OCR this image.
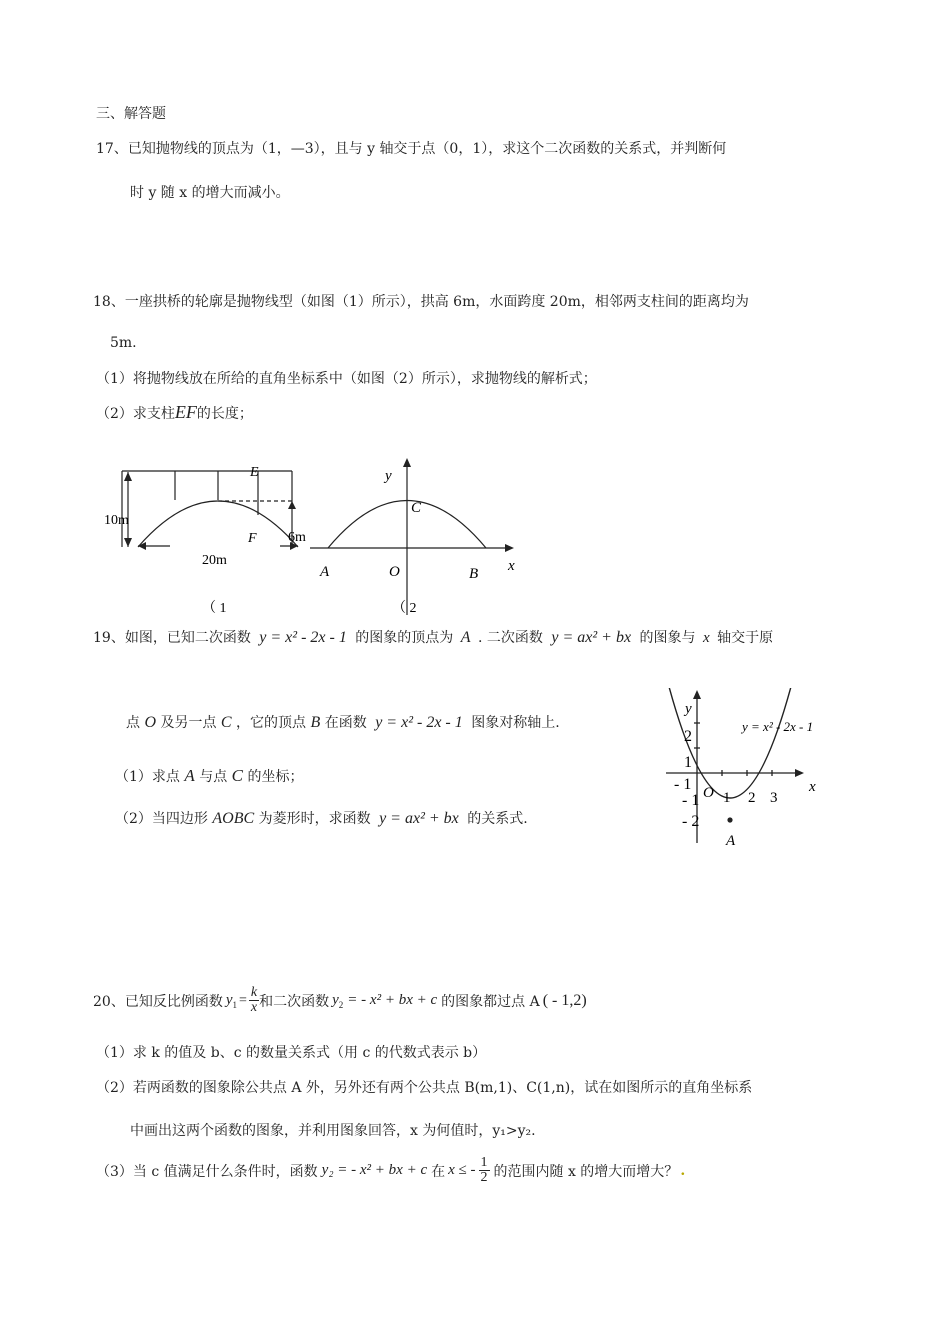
三、解答题
17、已知抛物线的顶点为（1，—3），且与 y 轴交于点（0，1），求这个二次函数的关系式，并判断何
时 y 随 x 的增大而减小。
18、一座拱桥的轮廓是抛物线型（如图（1）所示），拱高 6m，水面跨度 20m，相邻两支柱间的距离均为
5m.
（1）将抛物线放在所给的直角坐标系中（如图（2）所示），求抛物线的解析式；
（2）求支柱EF的长度；
E
F
10m
6m
20m
（ 1
y
x
C
A	O	B
（ 2
19、如图，已知二次函数 y = x² - 2x - 1 的图象的顶点为 A . 二次函数 y = ax² + bx 的图象与 x 轴交于原
点 O 及另一点 C ，它的顶点 B 在函数 y = x² - 2x - 1 图象对称轴上.
（1）求点 A 与点 C 的坐标；
（2）当四边形 AOBC 为菱形时，求函数 y = ax² + bx 的关系式.
y
x
y = x² - 2x - 1
2
1
- 1
- 1
- 2
O 1 2 3
A
20、已知反比例函数 $y_1 = \frac{k}{x}$ 和二次函数 $y_2$ = - x² + bx + c 的图象都过点 A ( - 1,2)
（1）求 k 的值及 b、c 的数量关系式（用 c 的代数式表示 b）
（2）若两函数的图象除公共点 A 外，另外还有两个公共点 B(m,1)、C(1,n)，试在如图所示的直角坐标系
中画出这两个函数的图象，并利用图象回答，x 为何值时，y₁>y₂.
（3）当 c 值满足什么条件时，函数 y₂ = - x² + bx + c 在 x ≤ - $\frac{1}{2}$ 的范围内随 x 的增大而增大？ .
